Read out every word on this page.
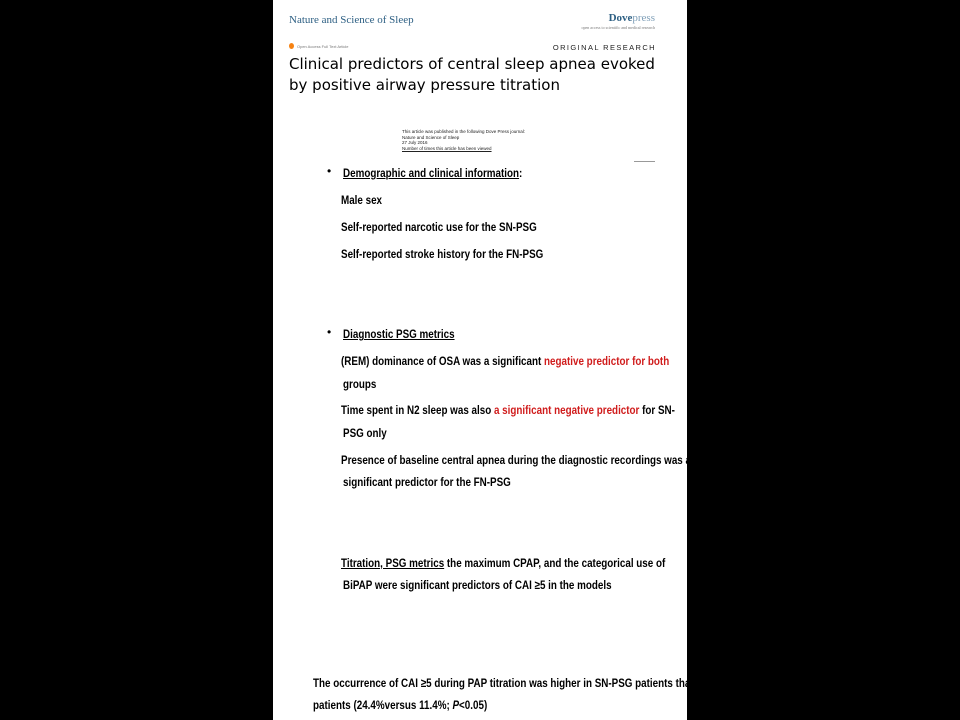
Nature and Science of Sleep	Dovepress
open access to scientific and medical research
Open Access Full Text Article	ORIGINAL RESEARCH
Clinical predictors of central sleep apnea evoked by positive airway pressure titration
This article was published in the following Dove Press journal:
Nature and Science of Sleep
27 July 2016
Number of times this article has been viewed
• Demographic and clinical information:
Male sex
Self-reported narcotic use for the SN-PSG
Self-reported stroke history for the FN-PSG
• Diagnostic PSG metrics
(REM) dominance of OSA was a significant negative predictor for both
groups
Time spent in N2 sleep was also a significant negative predictor for SN-
PSG only
Presence of baseline central apnea during the diagnostic recordings was a
significant predictor for the FN-PSG
Titration, PSG metrics the maximum CPAP, and the categorical use of
BiPAP were significant predictors of CAI ≥5 in the models
The occurrence of CAI ≥5 during PAP titration was higher in SN-PSG patients than in FN-PSG
patients (24.4%versus 11.4%; P<0.05)
